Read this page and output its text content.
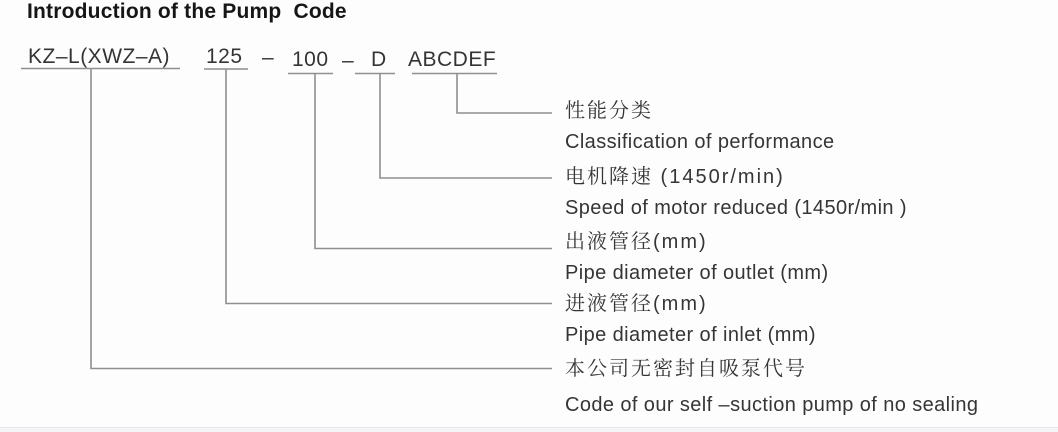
Introduction of the Pump  Code
KZ–L(XWZ–A) 125 – 100 – D ABCDEF
性能分类
Classification of performance
电机降速 (1450r/min)
Speed of motor reduced (1450r/min )
出液管径(mm)
Pipe diameter of outlet (mm)
进液管径(mm)
Pipe diameter of inlet (mm)
本公司无密封自吸泵代号
Code of our self –suction pump of no sealing
